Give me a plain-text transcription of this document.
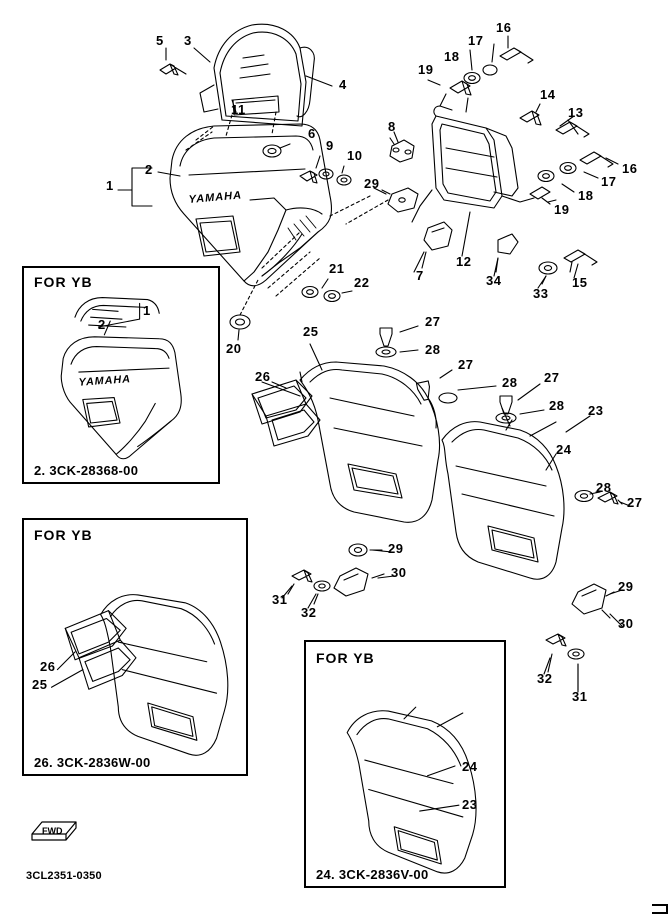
YAMAHA
1
2
3
4
5
6
7
8
9
10
11
12
13
14
15
16
17
18
19
16
17
18
19
20
21
22
23
24
25
26
27
28
27
28 27
28
28
27
29
29
29
30
30
31
31
32
32
33
34
YAMAHA
1
2
FOR YB
2. 3CK-28368-00
26
25
FOR YB
26. 3CK-2836W-00	24
23
FOR YB
24. 3CK-2836V-00
FWD
3CL2351-0350
